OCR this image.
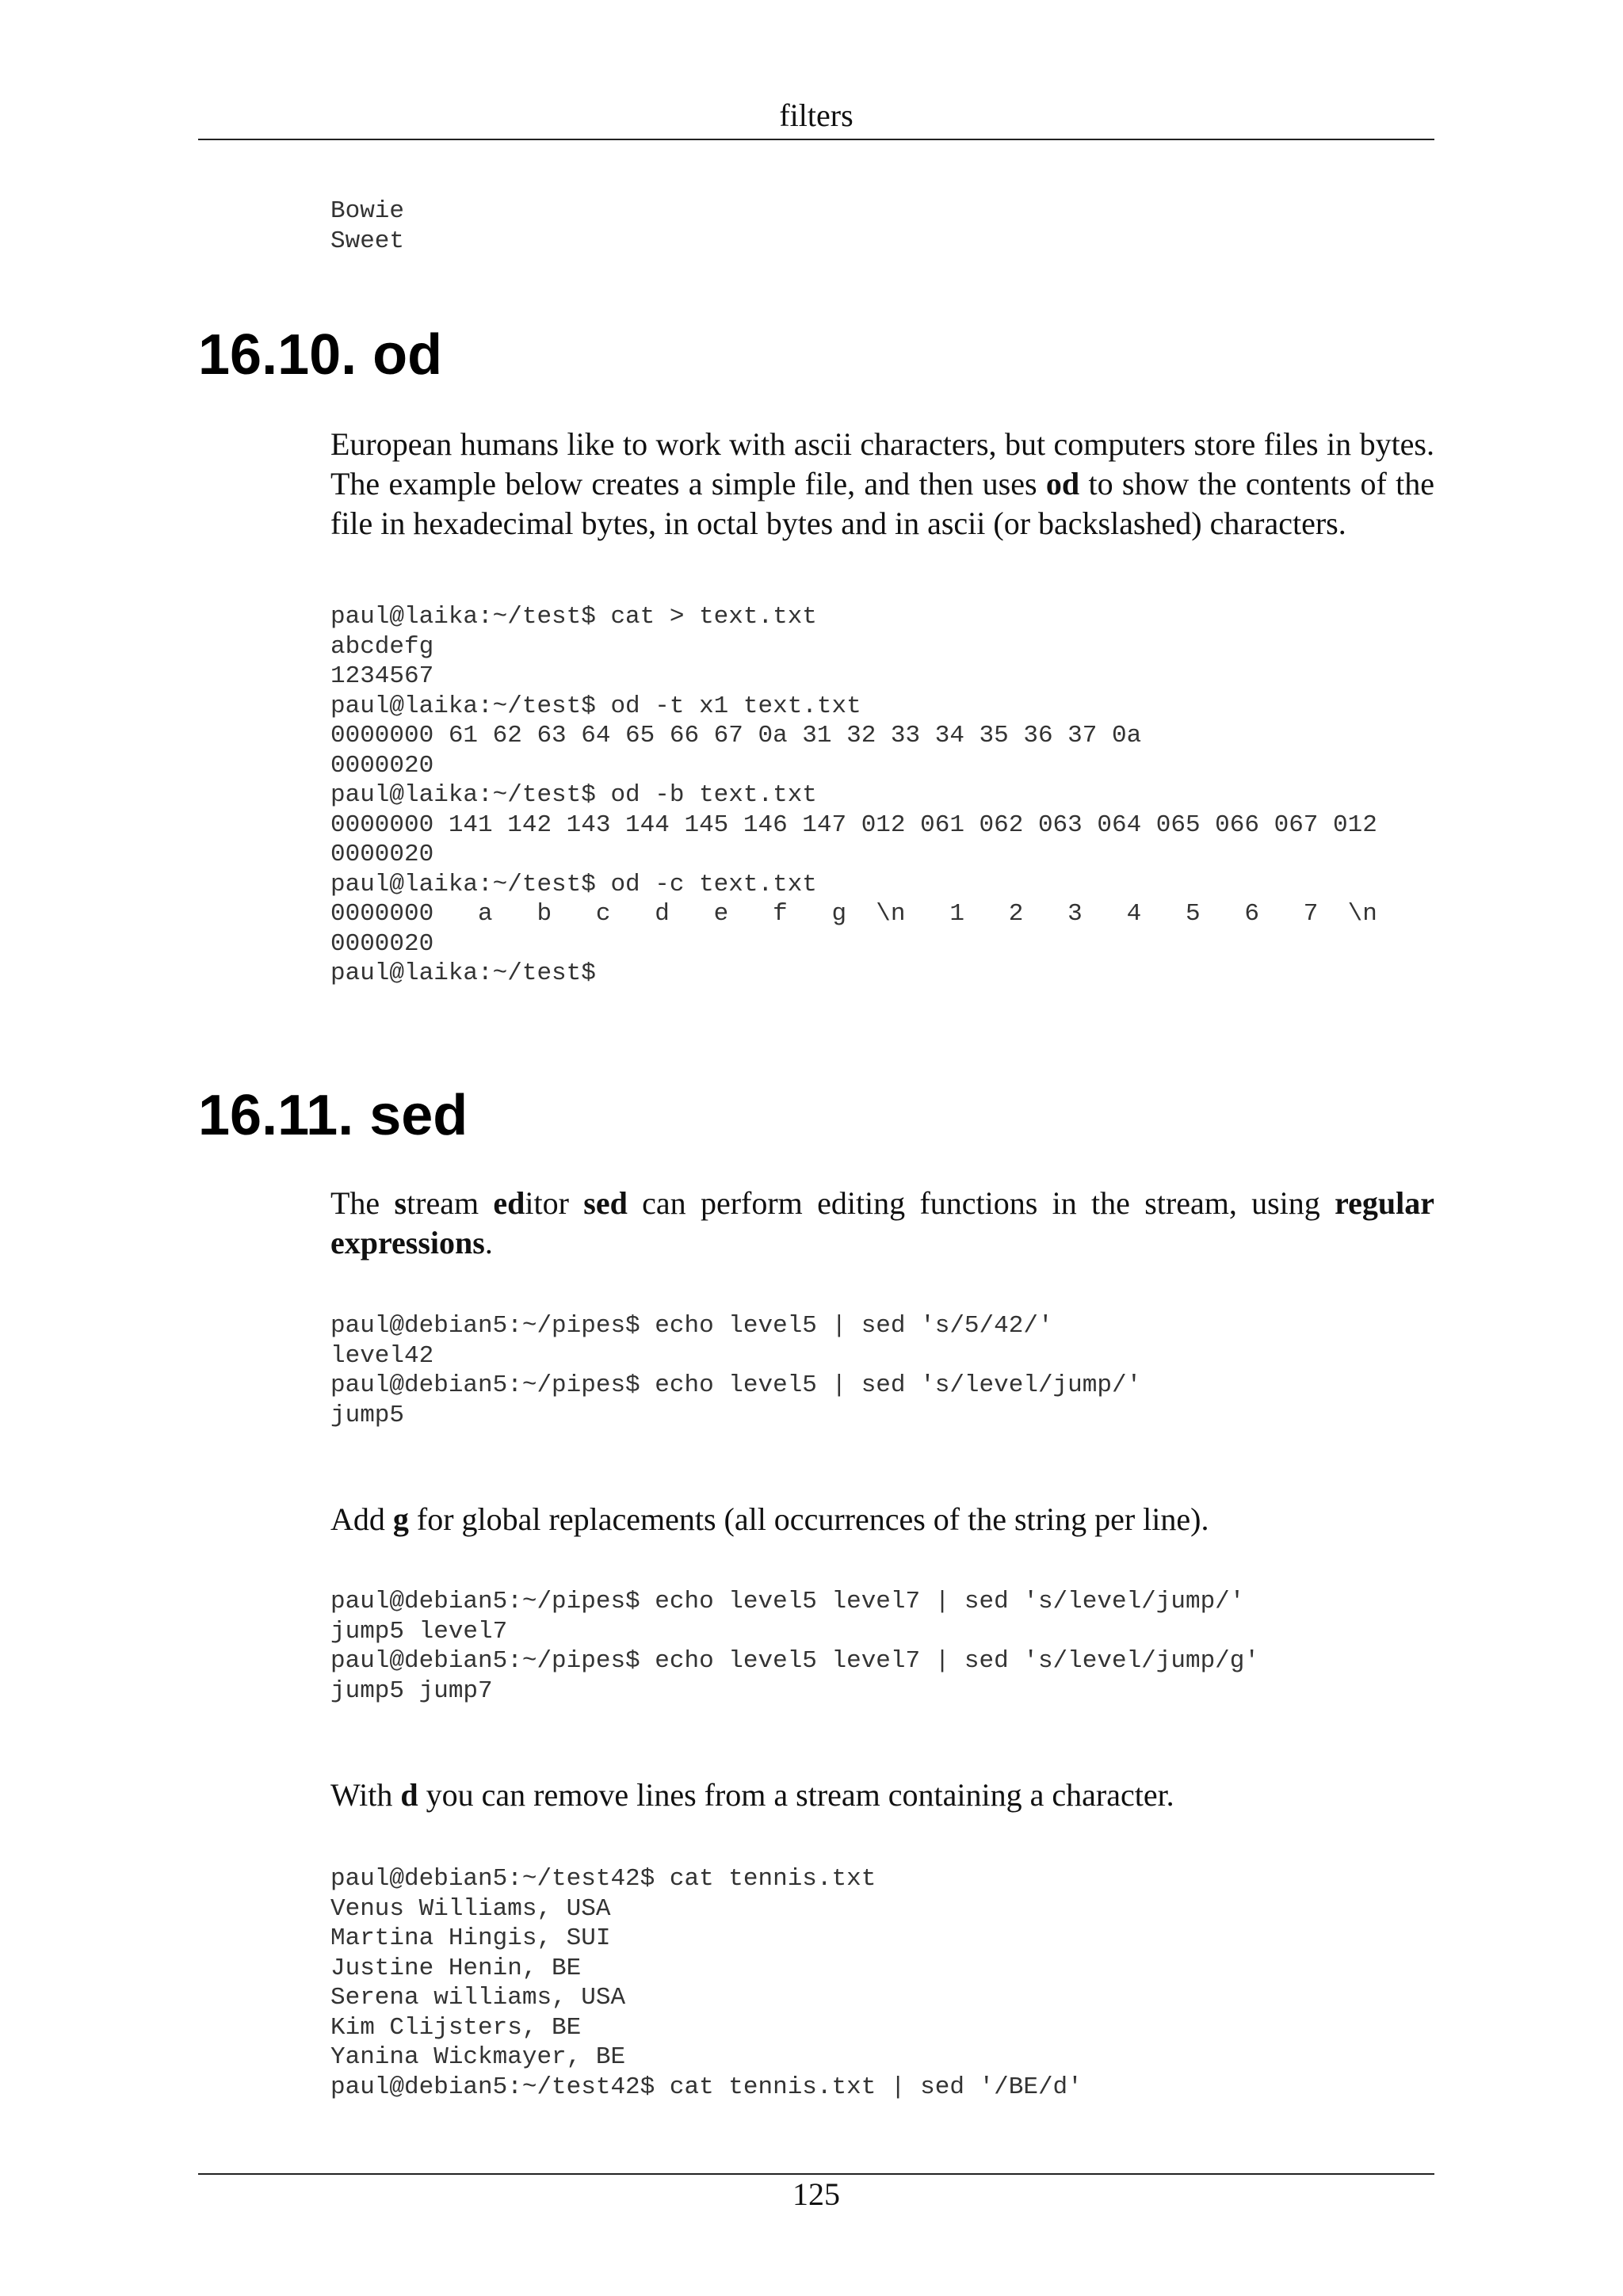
filters
Bowie
Sweet
16.10. od

European humans like to work with ascii characters, but computers store files in bytes. The example below creates a simple file, and then uses od to show the contents of the file in hexadecimal bytes, in octal bytes and in ascii (or backslashed) characters.

paul@laika:~/test$ cat > text.txt
abcdefg
1234567
paul@laika:~/test$ od -t x1 text.txt
0000000 61 62 63 64 65 66 67 0a 31 32 33 34 35 36 37 0a
0000020
paul@laika:~/test$ od -b text.txt
0000000 141 142 143 144 145 146 147 012 061 062 063 064 065 066 067 012
0000020
paul@laika:~/test$ od -c text.txt
0000000   a   b   c   d   e   f   g  \n   1   2   3   4   5   6   7  \n
0000020
paul@laika:~/test$
16.11. sed

The stream editor sed can perform editing functions in the stream, using regular expressions.

paul@debian5:~/pipes$ echo level5 | sed 's/5/42/'
level42
paul@debian5:~/pipes$ echo level5 | sed 's/level/jump/'
jump5

Add g for global replacements (all occurrences of the string per line).

paul@debian5:~/pipes$ echo level5 level7 | sed 's/level/jump/'
jump5 level7
paul@debian5:~/pipes$ echo level5 level7 | sed 's/level/jump/g'
jump5 jump7

With d you can remove lines from a stream containing a character.

paul@debian5:~/test42$ cat tennis.txt
Venus Williams, USA
Martina Hingis, SUI
Justine Henin, BE
Serena williams, USA
Kim Clijsters, BE
Yanina Wickmayer, BE
paul@debian5:~/test42$ cat tennis.txt | sed '/BE/d'
125
